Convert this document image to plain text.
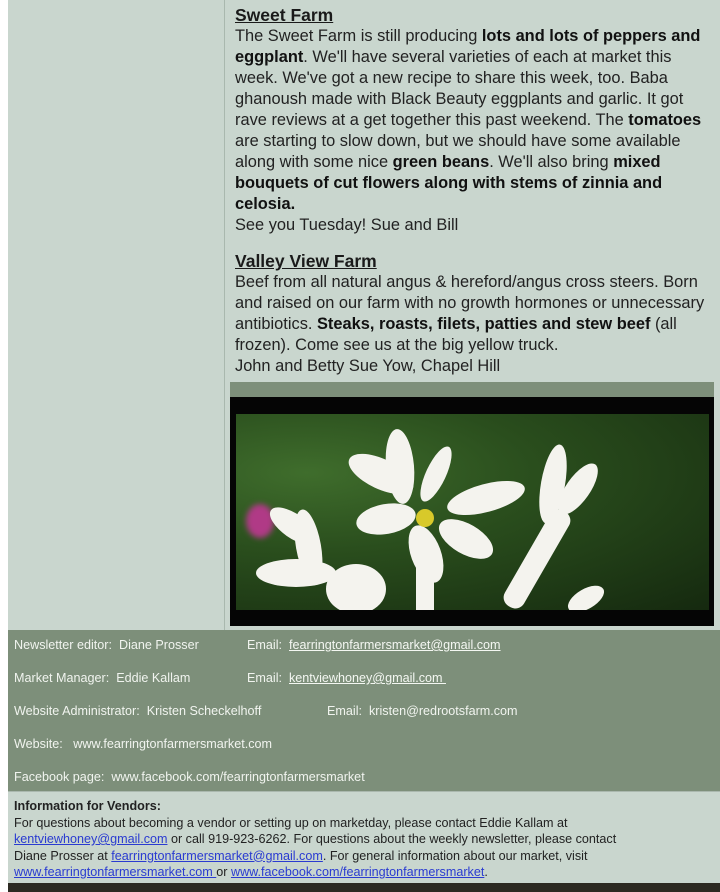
Sweet Farm

The Sweet Farm is still producing lots and lots of peppers and eggplant. We'll have several varieties of each at market this week. We've got a new recipe to share this week, too. Baba ghanoush made with Black Beauty eggplants and garlic. It got rave reviews at a get together this past weekend. The tomatoes are starting to slow down, but we should have some available along with some nice green beans. We'll also bring mixed bouquets of cut flowers along with stems of zinnia and celosia.

See you Tuesday! Sue and Bill

Valley View Farm

Beef from all natural angus & hereford/angus cross steers. Born and raised on our farm with no growth hormones or unnecessary antibiotics. Steaks, roasts, filets, patties and stew beef (all frozen). Come see us at the big yellow truck.

John and Betty Sue Yow, Chapel Hill

Newsletter editor:  Diane Prosser	Email:  fearringtonfarmersmarket@gmail.com
Market Manager:  Eddie Kallam	Email:  kentviewhoney@gmail.com
Website Administrator:  Kristen Scheckelhoff	Email:  kristen@redrootsfarm.com
Website:   www.fearringtonfarmersmarket.com
Facebook page:  www.facebook.com/fearringtonfarmersmarket
Information for Vendors:
For questions about becoming a vendor or setting up on marketday, please contact Eddie Kallam at
kentviewhoney@gmail.com or call 919-923-6262. For questions about the weekly newsletter, please contact
Diane Prosser at fearringtonfarmersmarket@gmail.com. For general information about our market, visit
www.fearringtonfarmersmarket.com or www.facebook.com/fearringtonfarmersmarket.
